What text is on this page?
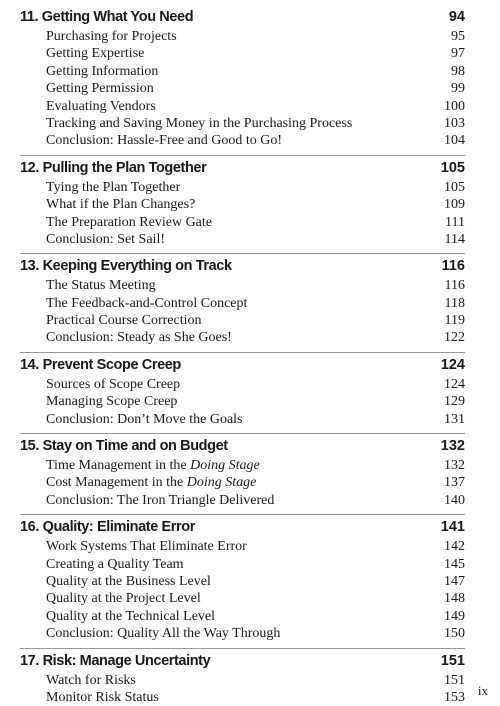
11. Getting What You Need	94
Purchasing for Projects	95
Getting Expertise	97
Getting Information	98
Getting Permission	99
Evaluating Vendors	100
Tracking and Saving Money in the Purchasing Process	103
Conclusion: Hassle-Free and Good to Go!	104
12. Pulling the Plan Together	105
Tying the Plan Together	105
What if the Plan Changes?	109
The Preparation Review Gate	111
Conclusion: Set Sail!	114
13. Keeping Everything on Track	116
The Status Meeting	116
The Feedback-and-Control Concept	118
Practical Course Correction	119
Conclusion: Steady as She Goes!	122
14. Prevent Scope Creep	124
Sources of Scope Creep	124
Managing Scope Creep	129
Conclusion: Don’t Move the Goals	131
15. Stay on Time and on Budget	132
Time Management in the Doing Stage	132
Cost Management in the Doing Stage	137
Conclusion: The Iron Triangle Delivered	140
16. Quality: Eliminate Error	141
Work Systems That Eliminate Error	142
Creating a Quality Team	145
Quality at the Business Level	147
Quality at the Project Level	148
Quality at the Technical Level	149
Conclusion: Quality All the Way Through	150
17. Risk: Manage Uncertainty	151
Watch for Risks	151
Monitor Risk Status	153 ix
